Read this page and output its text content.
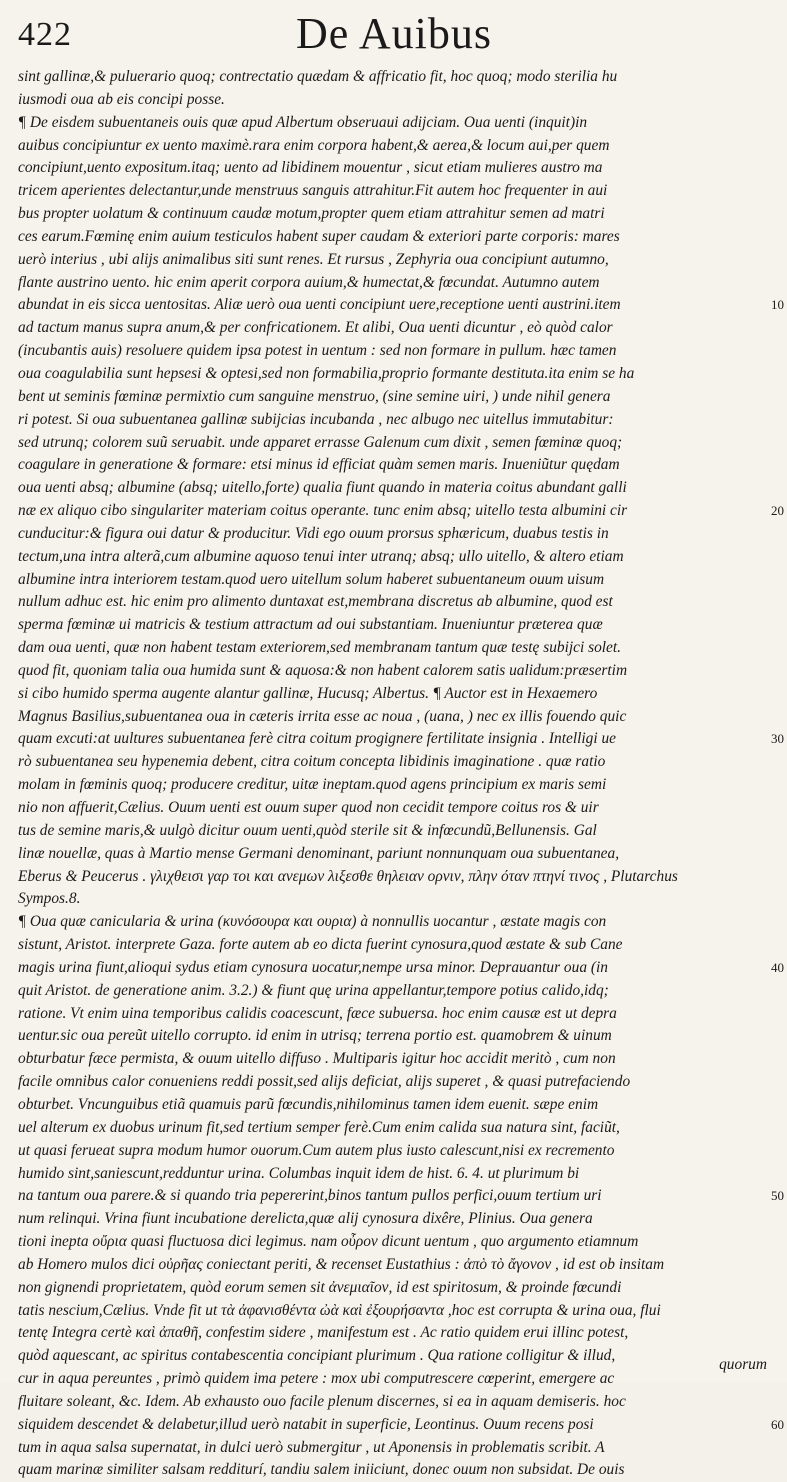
422	De Auibus
sint gallinæ,& puluerario quoq; contrectatio quædam & affricatio fit, hoc quoq; modo sterilia hu
iusmodi oua ab eis concipi posse.
¶ De eisdem subuentaneis ouis quæ apud Albertum obseruaui adijciam. Oua uenti (inquit)in
auibus concipiuntur ex uento maximè.rara enim corpora habent,& aerea,& locum aui,per quem
concipiunt,uento expositum.itaq; uento ad libidinem mouentur , sicut etiam mulieres austro ma
tricem aperientes delectantur,unde menstruus sanguis attrahitur.Fit autem hoc frequenter in aui
bus propter uolatum & continuum caudæ motum,propter quem etiam attrahitur semen ad matri
ces earum.Fœminę enim auium testiculos habent super caudam & exteriori parte corporis: mares
uerò interius , ubi alijs animalibus siti sunt renes. Et rursus , Zephyria oua concipiunt autumno,
flante austrino uento. hic enim aperit corpora auium,& humectat,& fœcundat. Autumno autem
abundat in eis sicca uentositas. Aliæ uerò oua uenti concipiunt uere,receptione uenti austrini.item	10
ad tactum manus supra anum,& per confricationem. Et alibi, Oua uenti dicuntur , eò quòd calor
(incubantis auis) resoluere quidem ipsa potest in uentum : sed non formare in pullum. hæc tamen
oua coagulabilia sunt hepsesi & optesi,sed non formabilia,proprio formante destituta.ita enim se ha
bent ut seminis fœminæ permixtio cum sanguine menstruo, (sine semine uiri, ) unde nihil genera
ri potest. Si oua subuentanea gallinæ subijcias incubanda , nec albugo nec uitellus immutabitur:
sed utrunq; colorem suũ seruabit. unde apparet errasse Galenum cum dixit , semen fœminæ quoq;
coagulare in generatione & formare: etsi minus id efficiat quàm semen maris. Inueniũtur quędam
oua uenti absq; albumine (absq; uitello,forte) qualia fiunt quando in materia coitus abundant galli
næ ex aliquo cibo singulariter materiam coitus operante. tunc enim absq; uitello testa albumini cir	20
cunducitur:& figura oui datur & producitur. Vidi ego ouum prorsus sphæricum, duabus testis in
tectum,una intra alterã,cum albumine aquoso tenui inter utranq; absq; ullo uitello, & altero etiam
albumine intra interiorem testam.quod uero uitellum solum haberet subuentaneum ouum uisum
nullum adhuc est. hic enim pro alimento duntaxat est,membrana discretus ab albumine, quod est
sperma fœminæ ui matricis & testium attractum ad oui substantiam. Inueniuntur præterea quæ
dam oua uenti, quæ non habent testam exteriorem,sed membranam tantum quæ testę subijci solet.
quod fit, quoniam talia oua humida sunt & aquosa:& non habent calorem satis ualidum:præsertim
si cibo humido sperma augente alantur gallinæ, Hucusq; Albertus. ¶ Auctor est in Hexaemero
Magnus Basilius,subuentanea oua in cæteris irrita esse ac noua , (uana, ) nec ex illis fouendo quic
quam excuti:at uultures subuentanea ferè citra coitum progignere fertilitate insignia . Intelligi ue	30
rò subuentanea seu hypenemia debent, citra coitum concepta libidinis imaginatione . quæ ratio
molam in fœminis quoq; producere creditur, uitæ ineptam.quod agens principium ex maris semi
nio non affuerit,Cælius. Ouum uenti est ouum super quod non cecidit tempore coitus ros & uir
tus de semine maris,& uulgò dicitur ouum uenti,quòd sterile sit & infœcundũ,Bellunensis. Gal
linæ nouellæ, quas à Martio mense Germani denominant, pariunt nonnunquam oua subuentanea,
Eberus & Peucerus . γλιχθεισι γαρ τοι και ανεμων λιξεσθε θηλειαν ορνιν, πλην όταν πτηνί τινος , Plutarchus
Sympos.8.
¶ Oua quæ canicularia & urina (κυνόσουρα και ουρια) à nonnullis uocantur , æstate magis con
sistunt, Aristot. interprete Gaza. forte autem ab eo dicta fuerint cynosura,quod æstate & sub Cane
magis urina fiunt,alioqui sydus etiam cynosura uocatur,nempe ursa minor. Deprauantur oua (in	40
quit Aristot. de generatione anim. 3.2.) & fiunt quę urina appellantur,tempore potius calido,idq;
ratione. Vt enim uina temporibus calidis coacescunt, fæce subuersa. hoc enim causæ est ut depra
uentur.sic oua pereũt uitello corrupto. id enim in utrisq; terrena portio est. quamobrem & uinum
obturbatur fæce permista, & ouum uitello diffuso . Multiparis igitur hoc accidit meritò , cum non
facile omnibus calor conueniens reddi possit,sed alijs deficiat, alijs superet , & quasi putrefaciendo
obturbet. Vncunguibus etiã quamuis parũ fœcundis,nihilominus tamen idem euenit. sæpe enim
uel alterum ex duobus urinum fit,sed tertium semper ferè.Cum enim calida sua natura sint, faciũt,
ut quasi ferueat supra modum humor ouorum.Cum autem plus iusto calescunt,nisi ex recremento
humido sint,saniescunt,redduntur urina. Columbas inquit idem de hist. 6. 4. ut plurimum bi
na tantum oua parere.& si quando tria pepererint,binos tantum pullos perfici,ouum tertium uri	50
num relinqui. Vrina fiunt incubatione derelicta,quæ alij cynosura dixêre, Plinius. Oua genera
tioni inepta οὔρια quasi fluctuosa dici legimus. nam οὖρον dicunt uentum , quo argumento etiamnum
ab Homero mulos dici οὐρῆας coniectant periti, & recenset Eustathius : ἀπὸ τὸ ἄγονον , id est ob insitam
non gignendi proprietatem, quòd eorum semen sit ἀνεμιαῖον, id est spiritosum, & proinde fœcundi
tatis nescium,Cælius. Vnde fit ut τὰ ἀφανισθέντα ὠὰ καὶ ἐξουρήσαντα ,hoc est corrupta & urina oua, flui
tentę Integra certè καὶ ἀπαθῆ, confestim sidere , manifestum est . Ac ratio quidem erui illinc potest,
quòd aquescant, ac spiritus contabescentia concipiant plurimum . Qua ratione colligitur & illud,
cur in aqua pereuntes , primò quidem ima petere : mox ubi computrescere cœperint, emergere ac
fluitare soleant, &c. Idem. Ab exhausto ouo facile plenum discernes, si ea in aquam demiseris. hoc
siquidem descendet & delabetur,illud uerò natabit in superficie, Leontinus. Ouum recens posi	60
tum in aqua salsa supernatat, in dulci uerò submergitur , ut Aponensis in problematis scribit. A
quam marinæ similiter salsam redditurí, tandiu salem iniiciunt, donec ouum non subsidat. De ouis
quorum
